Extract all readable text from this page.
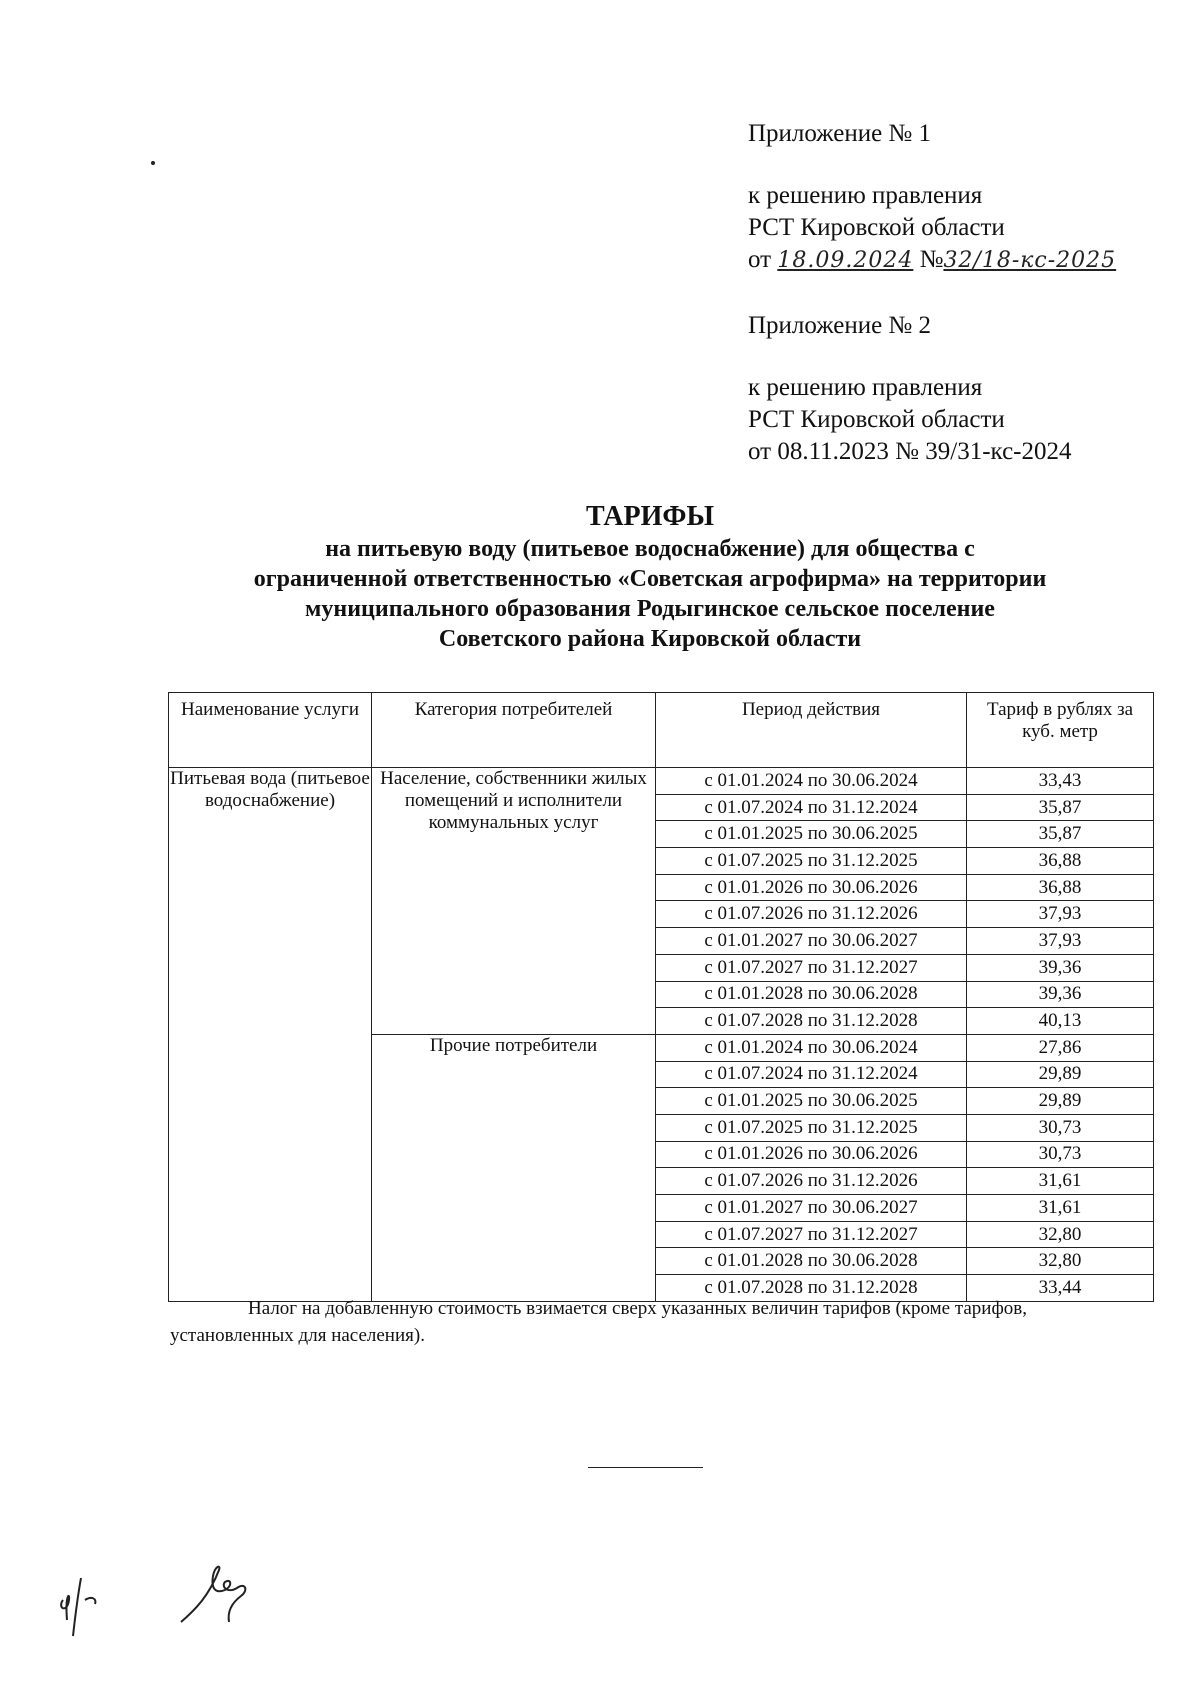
Приложение № 1
к решению правления
РСТ Кировской области
от 18.09.2024 №32/18-кс-2025
Приложение № 2
к решению правления
РСТ Кировской области
от 08.11.2023 № 39/31-кс-2024
ТАРИФЫ
на питьевую воду (питьевое водоснабжение) для общества с
ограниченной ответственностью «Советская агрофирма» на территории
муниципального образования Родыгинское сельское поселение
Советского района Кировской области
Наименование услуги	Категория потребителей	Период действия	Тариф в рублях за куб. метр
Питьевая вода (питьевое водоснабжение)	Население, собственники жилых помещений и исполнители коммунальных услуг	с 01.01.2024 по 30.06.2024	33,43
		с 01.07.2024 по 31.12.2024	35,87
		с 01.01.2025 по 30.06.2025	35,87
		с 01.07.2025 по 31.12.2025	36,88
		с 01.01.2026 по 30.06.2026	36,88
		с 01.07.2026 по 31.12.2026	37,93
		с 01.01.2027 по 30.06.2027	37,93
		с 01.07.2027 по 31.12.2027	39,36
		с 01.01.2028 по 30.06.2028	39,36
		с 01.07.2028 по 31.12.2028	40,13
	Прочие потребители	с 01.01.2024 по 30.06.2024	27,86
		с 01.07.2024 по 31.12.2024	29,89
		с 01.01.2025 по 30.06.2025	29,89
		с 01.07.2025 по 31.12.2025	30,73
		с 01.01.2026 по 30.06.2026	30,73
		с 01.07.2026 по 31.12.2026	31,61
		с 01.01.2027 по 30.06.2027	31,61
		с 01.07.2027 по 31.12.2027	32,80
		с 01.01.2028 по 30.06.2028	32,80
		с 01.07.2028 по 31.12.2028	33,44
Налог на добавленную стоимость взимается сверх указанных величин тарифов (кроме тарифов, установленных для населения).
